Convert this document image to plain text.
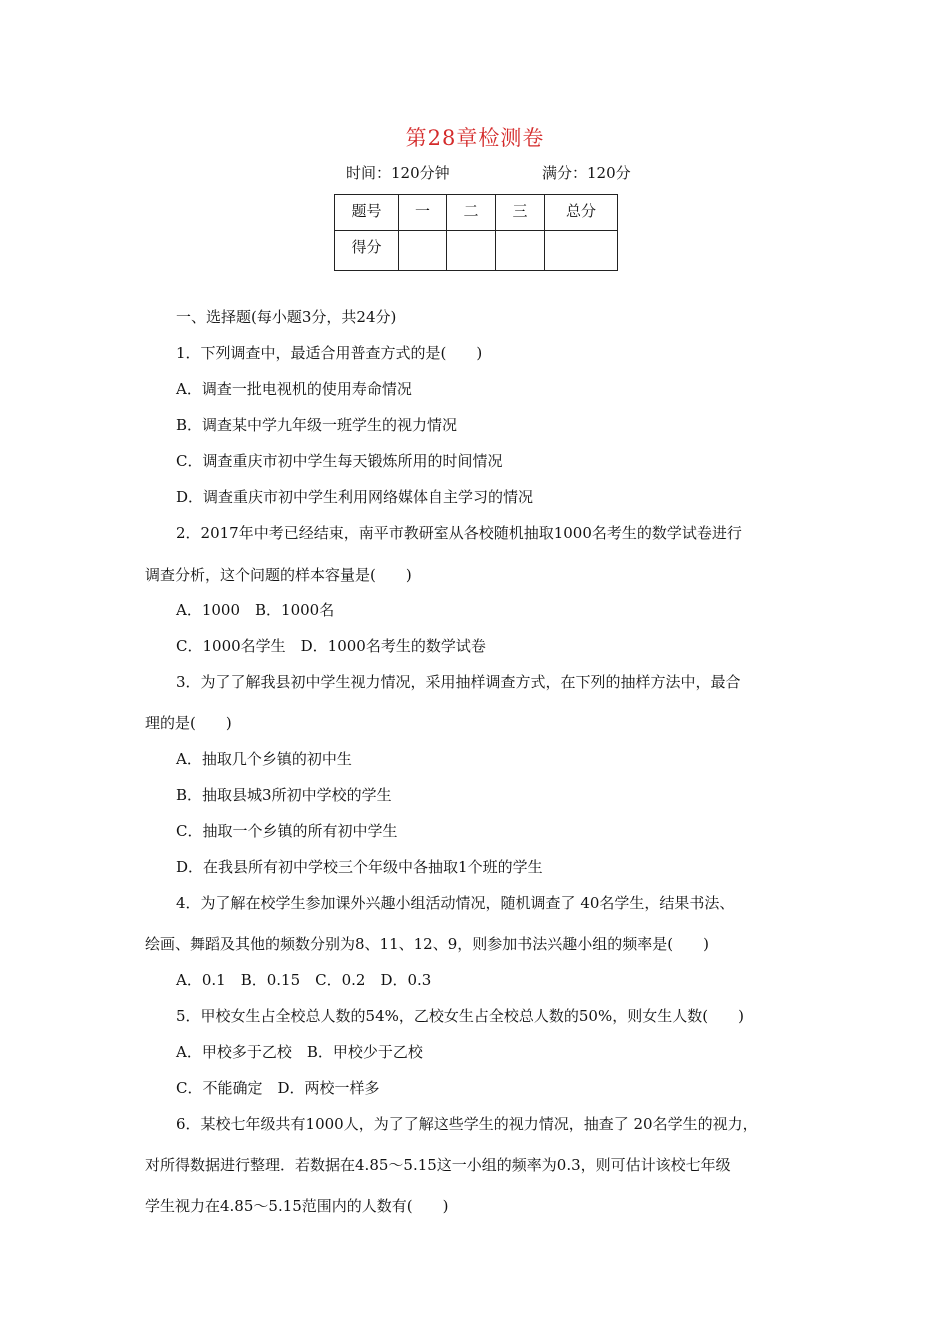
第28章检测卷
时间：120分钟	满分：120分
题号	一	二	三	总分
得分				
一、选择题(每小题3分，共24分)
1．下列调查中，最适合用普查方式的是(　　)
A．调查一批电视机的使用寿命情况
B．调查某中学九年级一班学生的视力情况
C．调查重庆市初中学生每天锻炼所用的时间情况
D．调查重庆市初中学生利用网络媒体自主学习的情况
2．2017年中考已经结束，南平市教研室从各校随机抽取1000名考生的数学试卷进行
调查分析，这个问题的样本容量是(　　)
A．1000　B．1000名
C．1000名学生　D．1000名考生的数学试卷
3．为了了解我县初中学生视力情况，采用抽样调查方式，在下列的抽样方法中，最合
理的是(　　)
A．抽取几个乡镇的初中生
B．抽取县城3所初中学校的学生
C．抽取一个乡镇的所有初中学生
D．在我县所有初中学校三个年级中各抽取1个班的学生
4．为了解在校学生参加课外兴趣小组活动情况，随机调查了 40名学生，结果书法、
绘画、舞蹈及其他的频数分别为8、11、12、9，则参加书法兴趣小组的频率是(　　)
A．0.1　B．0.15　C．0.2　D．0.3
5．甲校女生占全校总人数的54%，乙校女生占全校总人数的50%，则女生人数(　　)
A．甲校多于乙校　B．甲校少于乙校
C．不能确定　D．两校一样多
6．某校七年级共有1000人，为了了解这些学生的视力情况，抽查了 20名学生的视力，
对所得数据进行整理．若数据在4.85～5.15这一小组的频率为0.3，则可估计该校七年级
学生视力在4.85～5.15范围内的人数有(　　)
